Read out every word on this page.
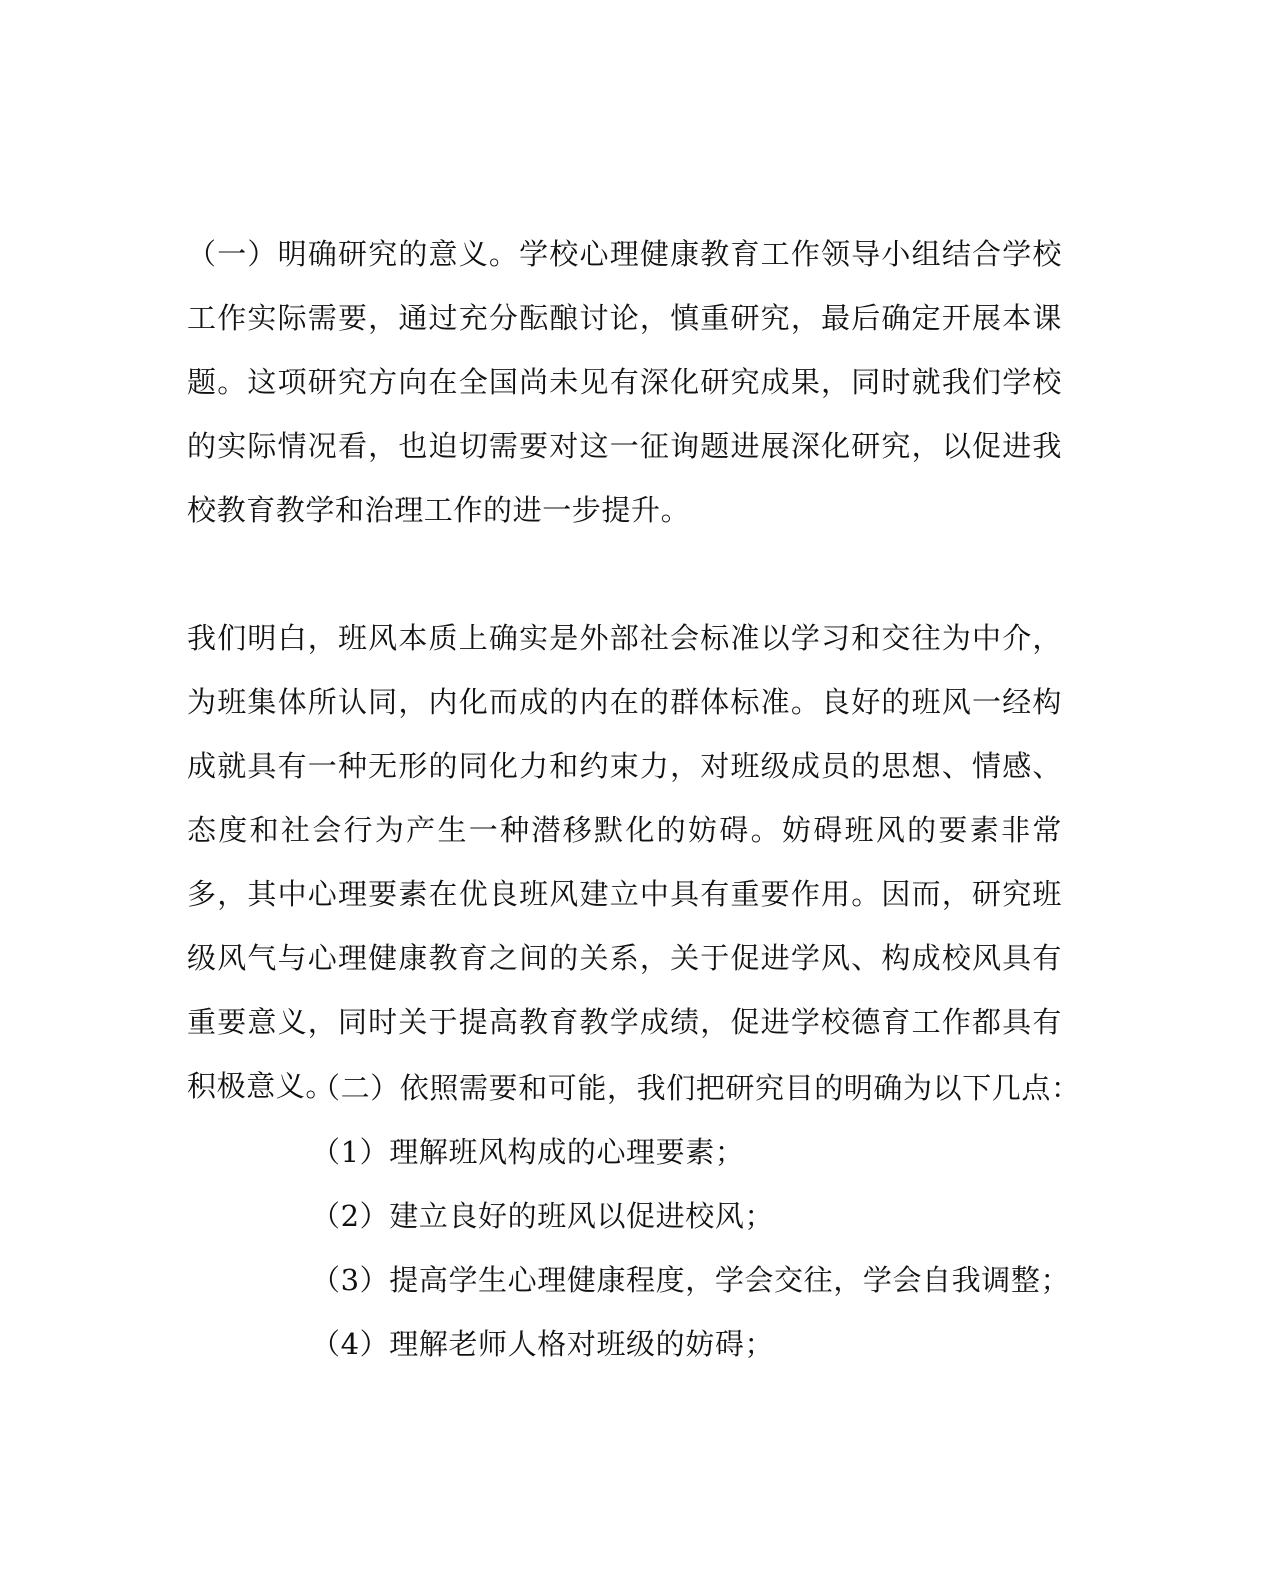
（一）明确研究的意义。学校心理健康教育工作领导小组结合学校工作实际需要，通过充分酝酿讨论，慎重研究，最后确定开展本课题。这项研究方向在全国尚未见有深化研究成果，同时就我们学校的实际情况看，也迫切需要对这一征询题进展深化研究，以促进我校教育教学和治理工作的进一步提升。

我们明白，班风本质上确实是外部社会标准以学习和交往为中介，为班集体所认同，内化而成的内在的群体标准。良好的班风一经构成就具有一种无形的同化力和约束力，对班级成员的思想、情感、态度和社会行为产生一种潜移默化的妨碍。妨碍班风的要素非常多，其中心理要素在优良班风建立中具有重要作用。因而，研究班级风气与心理健康教育之间的关系，关于促进学风、构成校风具有重要意义，同时关于提高教育教学成绩，促进学校德育工作都具有积极意义。

（二）依照需要和可能，我们把研究目的明确为以下几点：

（1）理解班风构成的心理要素；

（2）建立良好的班风以促进校风；

（3）提高学生心理健康程度，学会交往，学会自我调整；

（4）理解老师人格对班级的妨碍；
